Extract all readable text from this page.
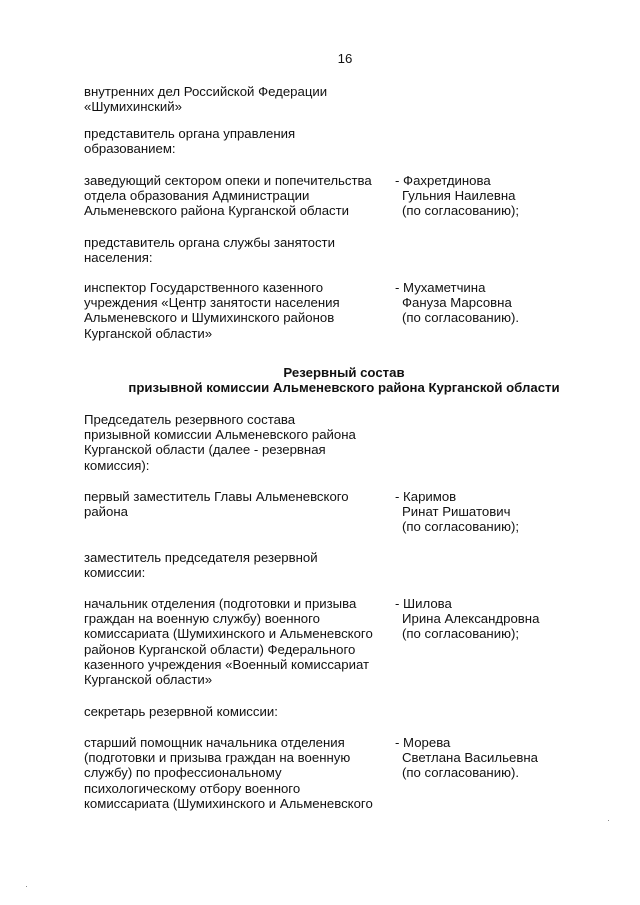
16
внутренних дел Российской Федерации
«Шумихинский»
представитель органа управления
образованием:
заведующий сектором опеки и попечительства
отдела образования Администрации
Альменевского района Курганской области
- Фахретдинова
Гульния Наилевна
(по согласованию);
представитель органа службы занятости
населения:
инспектор Государственного казенного
учреждения «Центр занятости населения
Альменевского и Шумихинского районов
Курганской области»
- Мухаметчина
Фануза Марсовна
(по согласованию).
Резервный состав
призывной комиссии Альменевского района Курганской области
Председатель резервного состава
призывной комиссии Альменевского района
Курганской области (далее - резервная
комиссия):
первый заместитель Главы Альменевского
района
- Каримов
Ринат Ришатович
(по согласованию);
заместитель председателя резервной
комиссии:
начальник отделения (подготовки и призыва
граждан на военную службу) военного
комиссариата (Шумихинского и Альменевского
районов Курганской области) Федерального
казенного учреждения «Военный комиссариат
Курганской области»
- Шилова
Ирина Александровна
(по согласованию);
секретарь резервной комиссии:
старший помощник начальника отделения
(подготовки и призыва граждан на военную
службу) по профессиональному
психологическому отбору военного
комиссариата (Шумихинского и Альменевского
- Морева
Светлана Васильевна
(по согласованию).
